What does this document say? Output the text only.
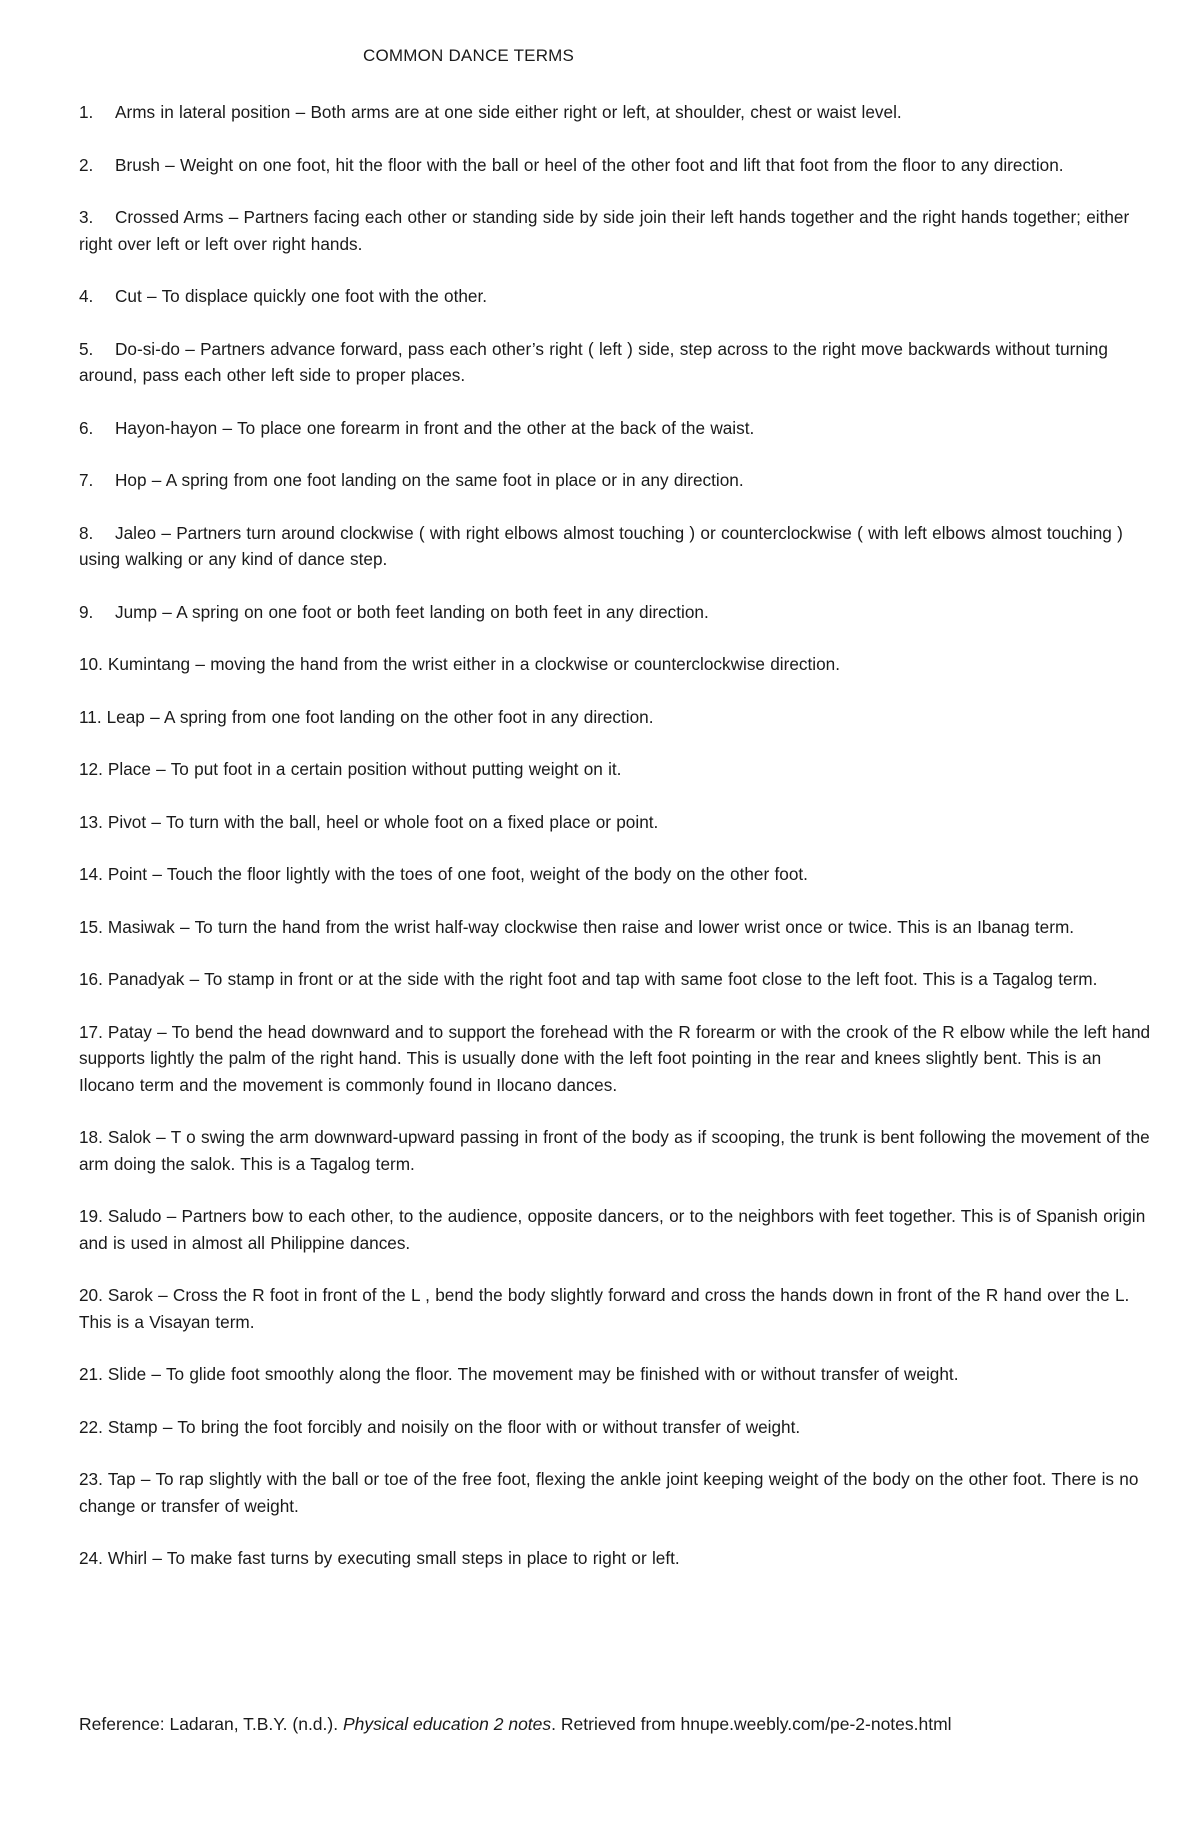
COMMON DANCE TERMS
1. Arms in lateral position – Both arms are at one side either right or left, at shoulder, chest or waist level.
2. Brush – Weight on one foot, hit the floor with the ball or heel of the other foot and lift that foot from the floor to any direction.
3. Crossed Arms – Partners facing each other or standing side by side join their left hands together and the right hands together; either right over left or left over right hands.
4. Cut – To displace quickly one foot with the other.
5. Do-si-do – Partners advance forward, pass each other’s right ( left ) side, step across to the right move backwards without turning around, pass each other left side to proper places.
6. Hayon-hayon – To place one forearm in front and the other at the back of the waist.
7. Hop – A spring from one foot landing on the same foot in place or in any direction.
8. Jaleo – Partners turn around clockwise ( with right elbows almost touching ) or counterclockwise ( with left elbows almost touching ) using walking or any kind of dance step.
9. Jump – A spring on one foot or both feet landing on both feet in any direction.
10. Kumintang – moving the hand from the wrist either in a clockwise or counterclockwise direction.
11. Leap – A spring from one foot landing on the other foot in any direction.
12. Place – To put foot in a certain position without putting weight on it.
13. Pivot – To turn with the ball, heel or whole foot on a fixed place or point.
14. Point – Touch the floor lightly with the toes of one foot, weight of the body on the other foot.
15. Masiwak – To turn the hand from the wrist half-way clockwise then raise and lower wrist once or twice. This is an Ibanag term.
16. Panadyak – To stamp in front or at the side with the right foot and tap with same foot close to the left foot. This is a Tagalog term.
17. Patay – To bend the head downward and to support the forehead with the R forearm or with the crook of the R elbow while the left hand supports lightly the palm of the right hand. This is usually done with the left foot pointing in the rear and knees slightly bent. This is an Ilocano term and the movement is commonly found in Ilocano dances.
18. Salok – T o swing the arm downward-upward passing in front of the body as if scooping, the trunk is bent following the movement of the arm doing the salok. This is a Tagalog term.
19. Saludo – Partners bow to each other, to the audience, opposite dancers, or to the neighbors with feet together. This is of Spanish origin and is used in almost all Philippine dances.
20. Sarok – Cross the R foot in front of the L , bend the body slightly forward and cross the hands down in front of the R hand over the L. This is a Visayan term.
21. Slide – To glide foot smoothly along the floor. The movement may be finished with or without transfer of weight.
22. Stamp – To bring the foot forcibly and noisily on the floor with or without transfer of weight.
23. Tap – To rap slightly with the ball or toe of the free foot, flexing the ankle joint keeping weight of the body on the other foot. There is no change or transfer of weight.
24. Whirl – To make fast turns by executing small steps in place to right or left.
Reference: Ladaran, T.B.Y. (n.d.). Physical education 2 notes. Retrieved from hnupe.weebly.com/pe-2-notes.html
